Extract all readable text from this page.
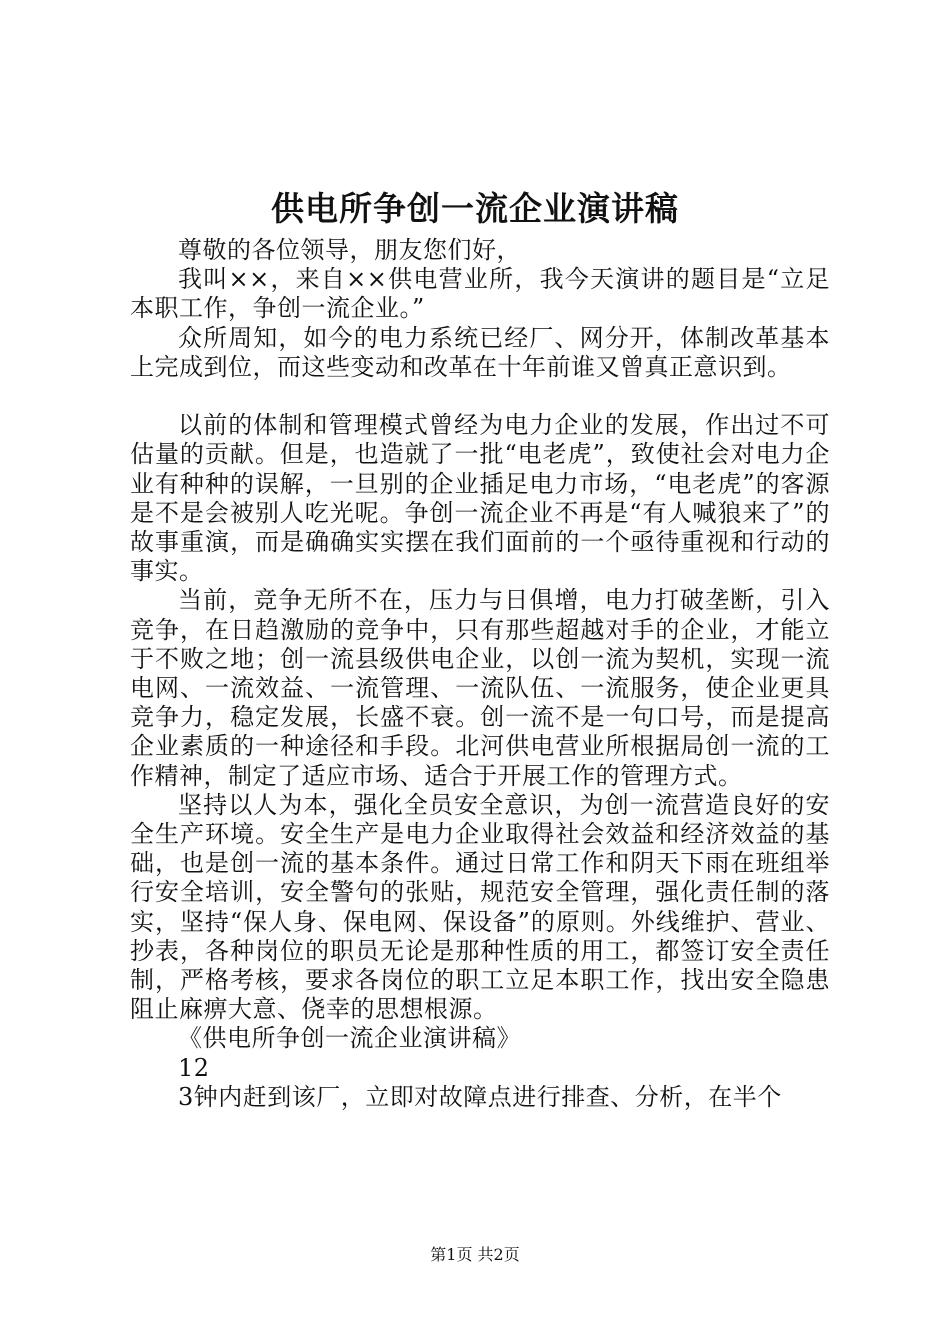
供电所争创一流企业演讲稿

尊敬的各位领导，朋友您们好，

我叫××，来自××供电营业所，我今天演讲的题目是“立足本职工作，争创一流企业。”

众所周知，如今的电力系统已经厂、网分开，体制改革基本上完成到位，而这些变动和改革在十年前谁又曾真正意识到。

以前的体制和管理模式曾经为电力企业的发展，作出过不可估量的贡献。但是，也造就了一批“电老虎”，致使社会对电力企业有种种的误解，一旦别的企业插足电力市场，“电老虎”的客源是不是会被别人吃光呢。争创一流企业不再是“有人喊狼来了”的故事重演，而是确确实实摆在我们面前的一个亟待重视和行动的事实。

当前，竞争无所不在，压力与日俱增，电力打破垄断，引入竞争，在日趋激励的竞争中，只有那些超越对手的企业，才能立于不败之地；创一流县级供电企业，以创一流为契机，实现一流电网、一流效益、一流管理、一流队伍、一流服务，使企业更具竞争力，稳定发展，长盛不衰。创一流不是一句口号，而是提高企业素质的一种途径和手段。北河供电营业所根据局创一流的工作精神，制定了适应市场、适合于开展工作的管理方式。

坚持以人为本，强化全员安全意识，为创一流营造良好的安全生产环境。安全生产是电力企业取得社会效益和经济效益的基础，也是创一流的基本条件。通过日常工作和阴天下雨在班组举行安全培训，安全警句的张贴，规范安全管理，强化责任制的落实，坚持“保人身、保电网、保设备”的原则。外线维护、营业、抄表，各种岗位的职员无论是那种性质的用工，都签订安全责任制，严格考核，要求各岗位的职工立足本职工作，找出安全隐患阻止麻痹大意、侥幸的思想根源。

《供电所争创一流企业演讲稿》

12

3钟内赶到该厂，立即对故障点进行排查、分析，在半个

第1页 共2页
